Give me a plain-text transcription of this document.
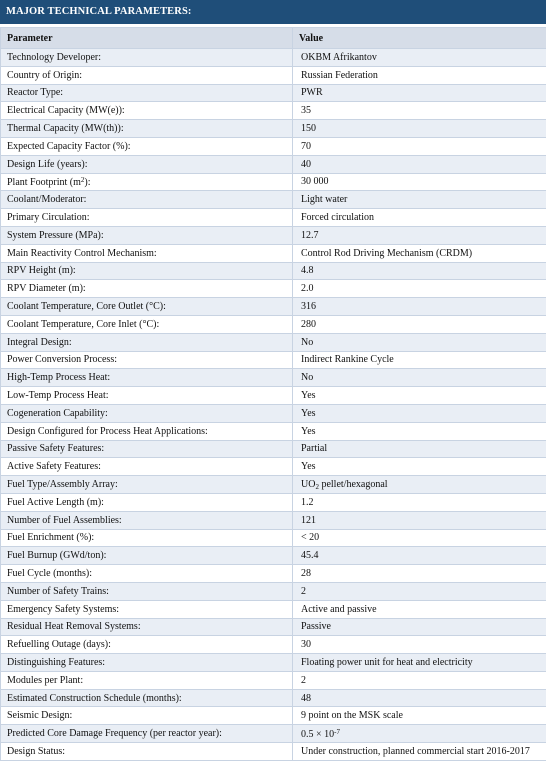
MAJOR TECHNICAL PARAMETERS:
Parameter	Value
Technology Developer:	OKBM Afrikantov
Country of Origin:	Russian Federation
Reactor Type:	PWR
Electrical Capacity (MW(e)):	35
Thermal Capacity (MW(th)):	150
Expected Capacity Factor (%):	70
Design Life (years):	40
Plant Footprint $(m^2)$:	30 000
Coolant/Moderator:	Light water
Primary Circulation:	Forced circulation
System Pressure (MPa):	12.7
Main Reactivity Control Mechanism:	Control Rod Driving Mechanism (CRDM)
RPV Height (m):	4.8
RPV Diameter (m):	2.0
Coolant Temperature, Core Outlet (°C):	316
Coolant Temperature, Core Inlet (°C):	280
Integral Design:	No
Power Conversion Process:	Indirect Rankine Cycle
High-Temp Process Heat:	No
Low-Temp Process Heat:	Yes
Cogeneration Capability:	Yes
Design Configured for Process Heat Applications:	Yes
Passive Safety Features:	Partial
Active Safety Features:	Yes
Fuel Type/Assembly Array:	$UO_2$ pellet/hexagonal
Fuel Active Length (m):	1.2
Number of Fuel Assemblies:	121
Fuel Enrichment (%):	< 20
Fuel Burnup (GWd/ton):	45.4
Fuel Cycle (months):	28
Number of Safety Trains:	2
Emergency Safety Systems:	Active and passive
Residual Heat Removal Systems:	Passive
Refuelling Outage (days):	30
Distinguishing Features:	Floating power unit for heat and electricity
Modules per Plant:	2
Estimated Construction Schedule (months):	48
Seismic Design:	9 point on the MSK scale
Predicted Core Damage Frequency (per reactor year):	$0.5 \times 10^{-7}$
Design Status:	Under construction, planned commercial start 2016-2017
